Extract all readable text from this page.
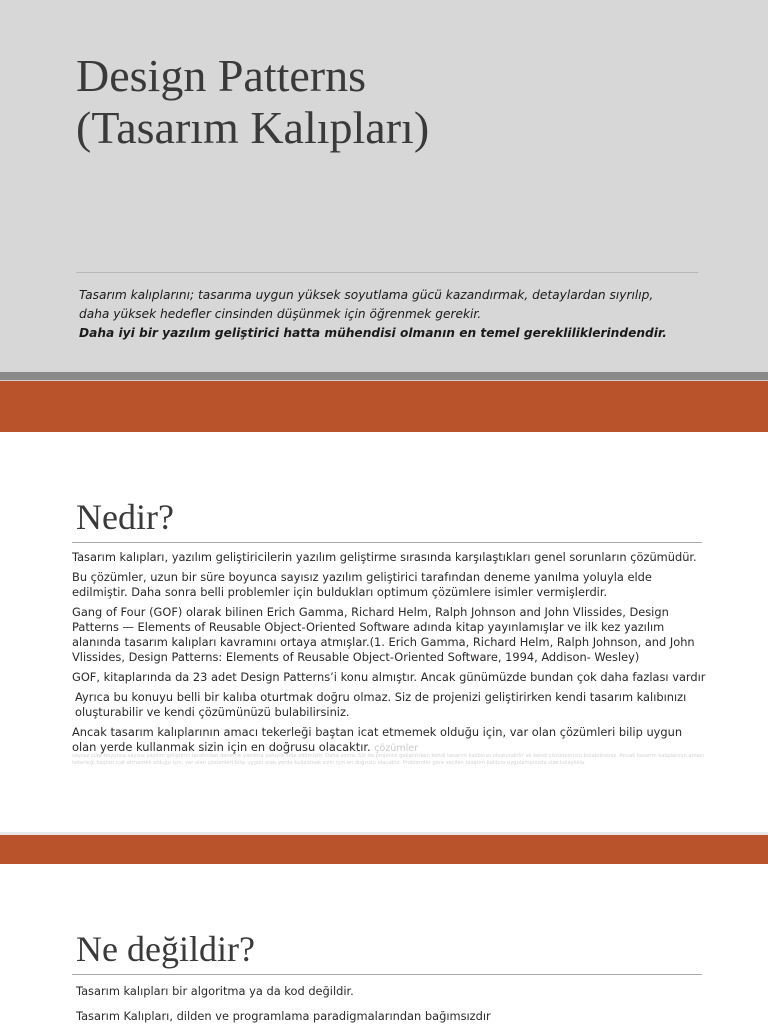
Design Patterns
(Tasarım Kalıpları)
Tasarım kalıplarını; tasarıma uygun yüksek soyutlama gücü kazandırmak, detaylardan sıyrılıp,
daha yüksek hedefler cinsinden düşünmek için öğrenmek gerekir.
Daha iyi bir yazılım geliştirici hatta mühendisi olmanın en temel gerekliliklerindendir.
Nedir?

Tasarım kalıpları, yazılım geliştiricilerin yazılım geliştirme sırasında karşılaştıkları genel sorunların çözümüdür.

Bu çözümler, uzun bir süre boyunca sayısız yazılım geliştirici tarafından deneme yanılma yoluyla elde edilmiştir. Daha sonra belli problemler için buldukları optimum çözümlere isimler vermişlerdir.

Gang of Four (GOF) olarak bilinen Erich Gamma, Richard Helm, Ralph Johnson and John Vlissides, Design Patterns — Elements of Reusable Object-Oriented Software adında kitap yayınlamışlar ve ilk kez yazılım alanında tasarım kalıpları kavramını ortaya atmışlar.(1. Erich Gamma, Richard Helm, Ralph Johnson, and John Vlissides, Design Patterns: Elements of Reusable Object-Oriented Software, 1994, Addison- Wesley)

GOF, kitaplarında da 23 adet Design Patterns’i konu almıştır. Ancak günümüzde bundan çok daha fazlası vardır

Ayrıca bu konuyu belli bir kalıba oturtmak doğru olmaz. Siz de projenizi geliştirirken kendi tasarım kalıbınızı oluşturabilir ve kendi çözümünüzü bulabilirsiniz.

Ancak tasarım kalıplarının amacı tekerleği baştan icat etmemek olduğu için, var olan çözümleri bilip uygun olan yerde kullanmak sizin için en doğrusu olacaktır. çözümler

sayısız süre boyunca sayısız yazılım geliştirici tarafından deneme yanılma yoluyla elde edilmiştir. Daha sonra. Siz de projenizi geliştirirken kendi tasarım kalıbınızı oluşturabilir ve kendi çözümünüzü bulabilirsiniz. Ancak tasarım kalıplarının amacı tekerleği baştan icat etmemek olduğu için, var olan çözümleri bilip uygun olan yerde kullanmak sizin için en doğrusu olacaktır. Problemler göre seçilen tasarım kalıbını uygulamanızda size kolaylıkla.
Ne değildir?

Tasarım kalıpları bir algoritma ya da kod değildir.

Tasarım Kalıpları, dilden ve programlama paradigmalarından bağımsızdır
